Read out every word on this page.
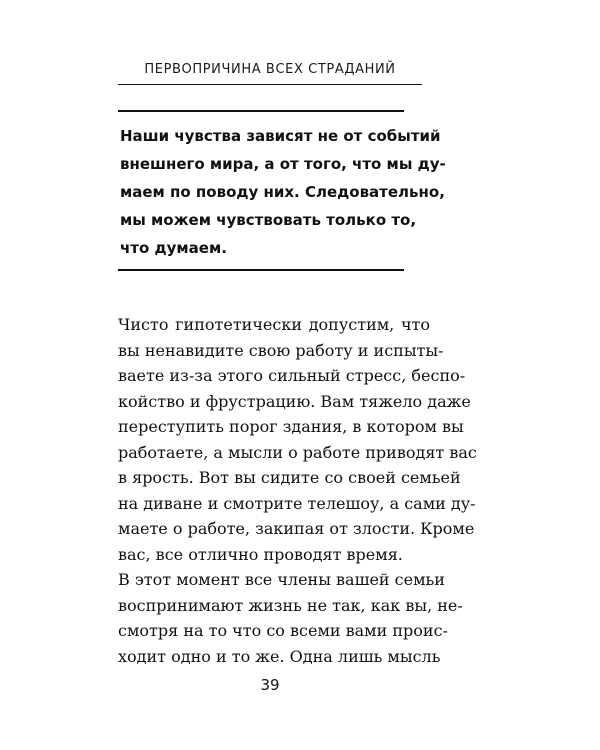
ПЕРВОПРИЧИНА ВСЕХ СТРАДАНИЙ
Наши чувства зависят не от событий
внешнего мира, а от того, что мы ду-
маем по поводу них. Следовательно,
мы можем чувствовать только то,
что думаем.
Чисто гипотетически допустим, что
вы ненавидите свою работу и испыты-
ваете из-за этого сильный стресс, беспо-
койство и фрустрацию. Вам тяжело даже
переступить порог здания, в котором вы
работаете, а мысли о работе приводят вас
в ярость. Вот вы сидите со своей семьей
на диване и смотрите телешоу, а сами ду-
маете о работе, закипая от злости. Кроме
вас, все отлично проводят время.
В этот момент все члены вашей семьи
воспринимают жизнь не так, как вы, не-
смотря на то что со всеми вами проис-
ходит одно и то же. Одна лишь мысль
39
